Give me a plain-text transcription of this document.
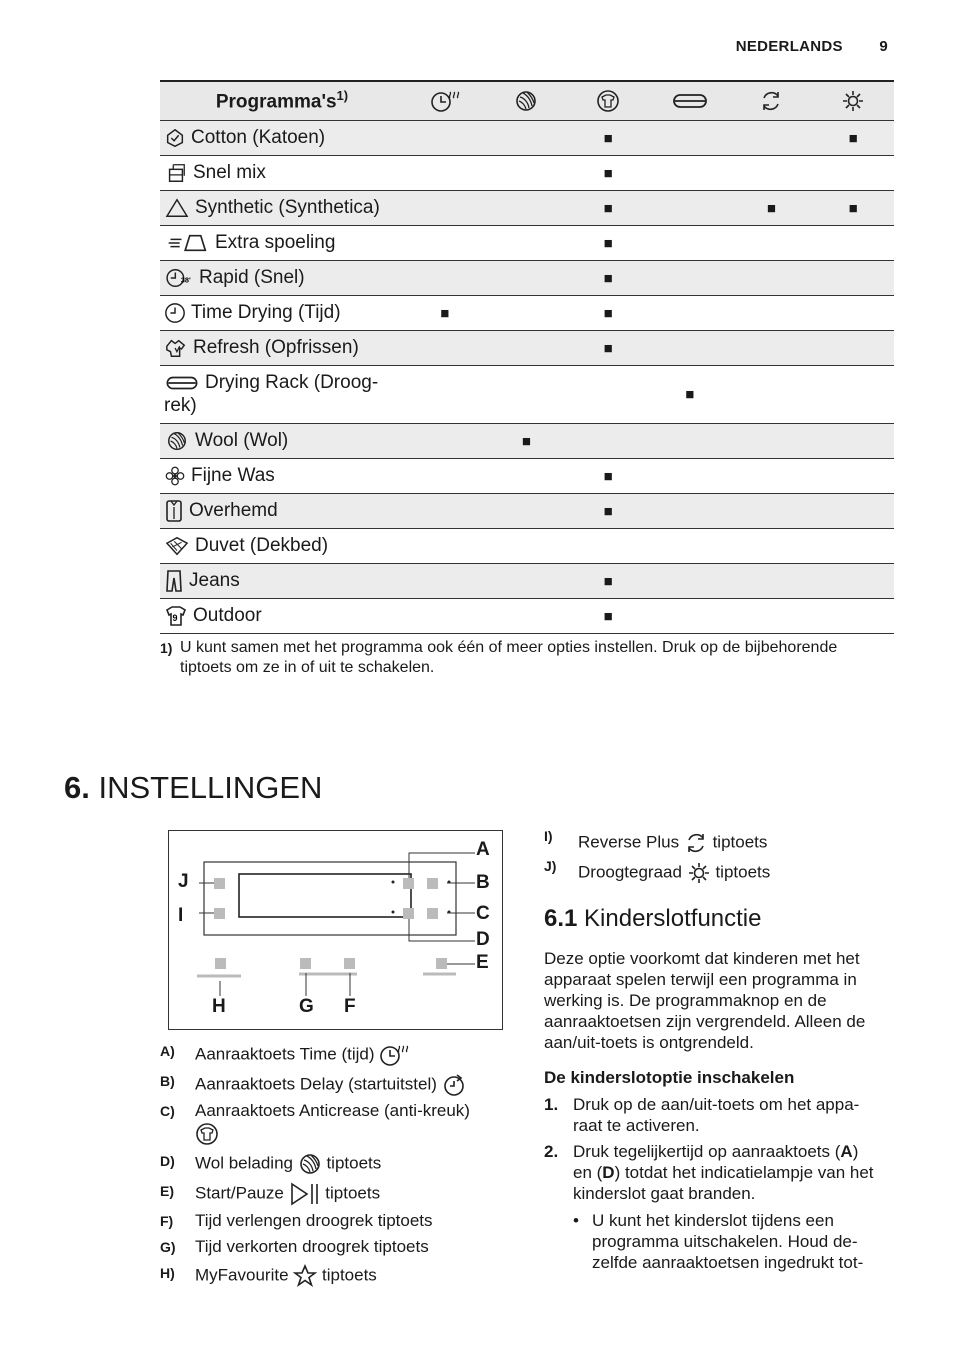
NEDERLANDS 9
$Programma's^{1)}$						
Cotton (Katoen)			■			■
Snel mix			■			
Synthetic (Synthetica)			■		■	■
Extra spoeling			■			
Rapid (Snel)			■			
Time Drying (Tijd)	■		■			
Refresh (Opfrissen)			■			
Drying Rack (Droog-
rek)				■		
Wool (Wol)		■				
Fijne Was			■			
Overhemd			■			
Duvet (Dekbed)						
Jeans			■			
Outdoor			■			
1) U kunt samen met het programma ook één of meer opties instellen. Druk op de bijbehorende tiptoets om ze in of uit te schakelen.
6. INSTELLINGEN
A
B
C
D
E
F
G
H
I
J
A) Aanraaktoets Time (tijd)
B) Aanraaktoets Delay (startuitstel)
C) Aanraaktoets Anticrease (anti-kreuk)
D) Wol belading tiptoets
E) Start/Pauze tiptoets
F) Tijd verlengen droogrek tiptoets
G) Tijd verkorten droogrek tiptoets
H) MyFavourite tiptoets
I) Reverse Plus tiptoets
J) Droogtegraad tiptoets
6.1 Kinderslotfunctie
Deze optie voorkomt dat kinderen met het apparaat spelen terwijl een programma in werking is. De programmaknop en de aanraaktoetsen zijn vergrendeld. Alleen de aan/uit-toets is ontgrendeld.
De kinderslotoptie inschakelen
1. Druk op de aan/uit-toets om het appa-
raat te activeren.
2. Druk tegelijkertijd op aanraaktoets (A)
en (D) totdat het indicatielampje van het kinderslot gaat branden.
• U kunt het kinderslot tijdens een
programma uitschakelen. Houd de-
zelfde aanraaktoetsen ingedrukt tot-
